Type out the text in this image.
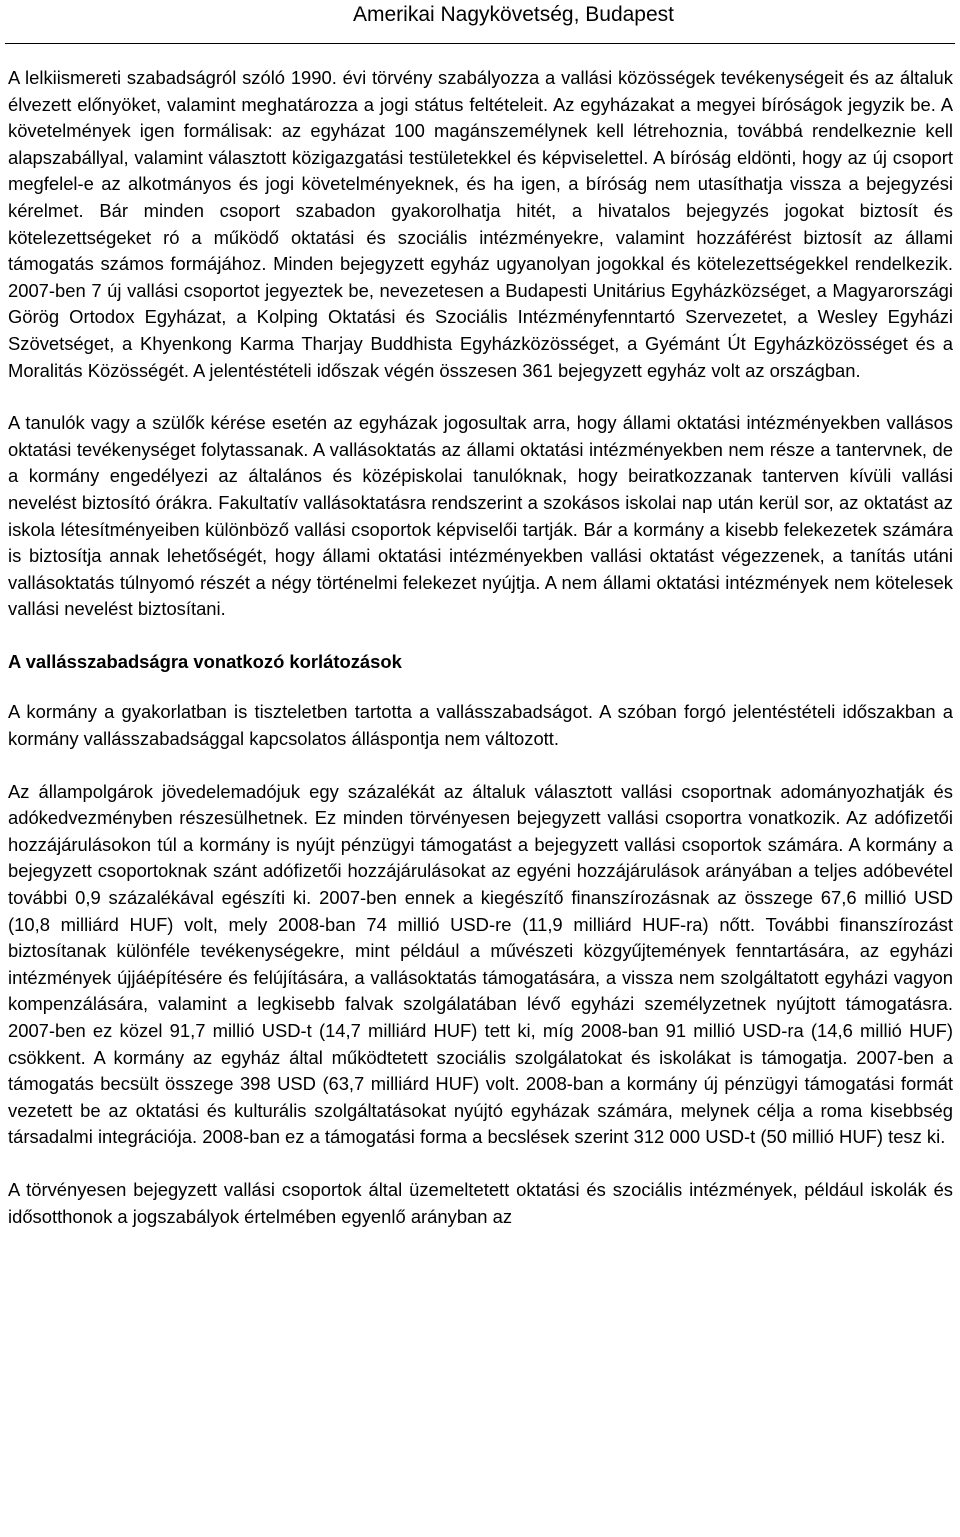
Amerikai Nagykövetség, Budapest

A lelkiismereti szabadságról szóló 1990. évi törvény szabályozza a vallási közösségek tevékenységeit és az általuk élvezett előnyöket, valamint meghatározza a jogi státus feltételeit. Az egyházakat a megyei bíróságok jegyzik be. A követelmények igen formálisak: az egyházat 100 magánszemélynek kell létrehoznia, továbbá rendelkeznie kell alapszabállyal, valamint választott közigazgatási testületekkel és képviselettel. A bíróság eldönti, hogy az új csoport megfelel-e az alkotmányos és jogi követelményeknek, és ha igen, a bíróság nem utasíthatja vissza a bejegyzési kérelmet. Bár minden csoport szabadon gyakorolhatja hitét, a hivatalos bejegyzés jogokat biztosít és kötelezettségeket ró a működő oktatási és szociális intézményekre, valamint hozzáférést biztosít az állami támogatás számos formájához. Minden bejegyzett egyház ugyanolyan jogokkal és kötelezettségekkel rendelkezik. 2007-ben 7 új vallási csoportot jegyeztek be, nevezetesen a Budapesti Unitárius Egyházközséget, a Magyarországi Görög Ortodox Egyházat, a Kolping Oktatási és Szociális Intézményfenntartó Szervezetet, a Wesley Egyházi Szövetséget, a Khyenkong Karma Tharjay Buddhista Egyházközösséget, a Gyémánt Út Egyházközösséget és a Moralitás Közösségét. A jelentéstételi időszak végén összesen 361 bejegyzett egyház volt az országban.

A tanulók vagy a szülők kérése esetén az egyházak jogosultak arra, hogy állami oktatási intézményekben vallásos oktatási tevékenységet folytassanak. A vallásoktatás az állami oktatási intézményekben nem része a tantervnek, de a kormány engedélyezi az általános és középiskolai tanulóknak, hogy beiratkozzanak tanterven kívüli vallási nevelést biztosító órákra. Fakultatív vallásoktatásra rendszerint a szokásos iskolai nap után kerül sor, az oktatást az iskola létesítményeiben különböző vallási csoportok képviselői tartják. Bár a kormány a kisebb felekezetek számára is biztosítja annak lehetőségét, hogy állami oktatási intézményekben vallási oktatást végezzenek, a tanítás utáni vallásoktatás túlnyomó részét a négy történelmi felekezet nyújtja. A nem állami oktatási intézmények nem kötelesek vallási nevelést biztosítani.

A vallásszabadságra vonatkozó korlátozások

A kormány a gyakorlatban is tiszteletben tartotta a vallásszabadságot. A szóban forgó jelentéstételi időszakban a kormány vallásszabadsággal kapcsolatos álláspontja nem változott.

Az állampolgárok jövedelemadójuk egy százalékát az általuk választott vallási csoportnak adományozhatják és adókedvezményben részesülhetnek. Ez minden törvényesen bejegyzett vallási csoportra vonatkozik. Az adófizetői hozzájárulásokon túl a kormány is nyújt pénzügyi támogatást a bejegyzett vallási csoportok számára. A kormány a bejegyzett csoportoknak szánt adófizetői hozzájárulásokat az egyéni hozzájárulások arányában a teljes adóbevétel további 0,9 százalékával egészíti ki. 2007-ben ennek a kiegészítő finanszírozásnak az összege 67,6 millió USD (10,8 milliárd HUF) volt, mely 2008-ban 74 millió USD-re (11,9 milliárd HUF-ra) nőtt. További finanszírozást biztosítanak különféle tevékenységekre, mint például a művészeti közgyűjtemények fenntartására, az egyházi intézmények újjáépítésére és felújítására, a vallásoktatás támogatására, a vissza nem szolgáltatott egyházi vagyon kompenzálására, valamint a legkisebb falvak szolgálatában lévő egyházi személyzetnek nyújtott támogatásra. 2007-ben ez közel 91,7 millió USD-t (14,7 milliárd HUF) tett ki, míg 2008-ban 91 millió USD-ra (14,6 millió HUF) csökkent. A kormány az egyház által működtetett szociális szolgálatokat és iskolákat is támogatja. 2007-ben a támogatás becsült összege 398 USD (63,7 milliárd HUF) volt. 2008-ban a kormány új pénzügyi támogatási formát vezetett be az oktatási és kulturális szolgáltatásokat nyújtó egyházak számára, melynek célja a roma kisebbség társadalmi integrációja. 2008-ban ez a támogatási forma a becslések szerint 312 000 USD-t (50 millió HUF) tesz ki.

A törvényesen bejegyzett vallási csoportok által üzemeltetett oktatási és szociális intézmények, például iskolák és idősotthonok a jogszabályok értelmében egyenlő arányban az
